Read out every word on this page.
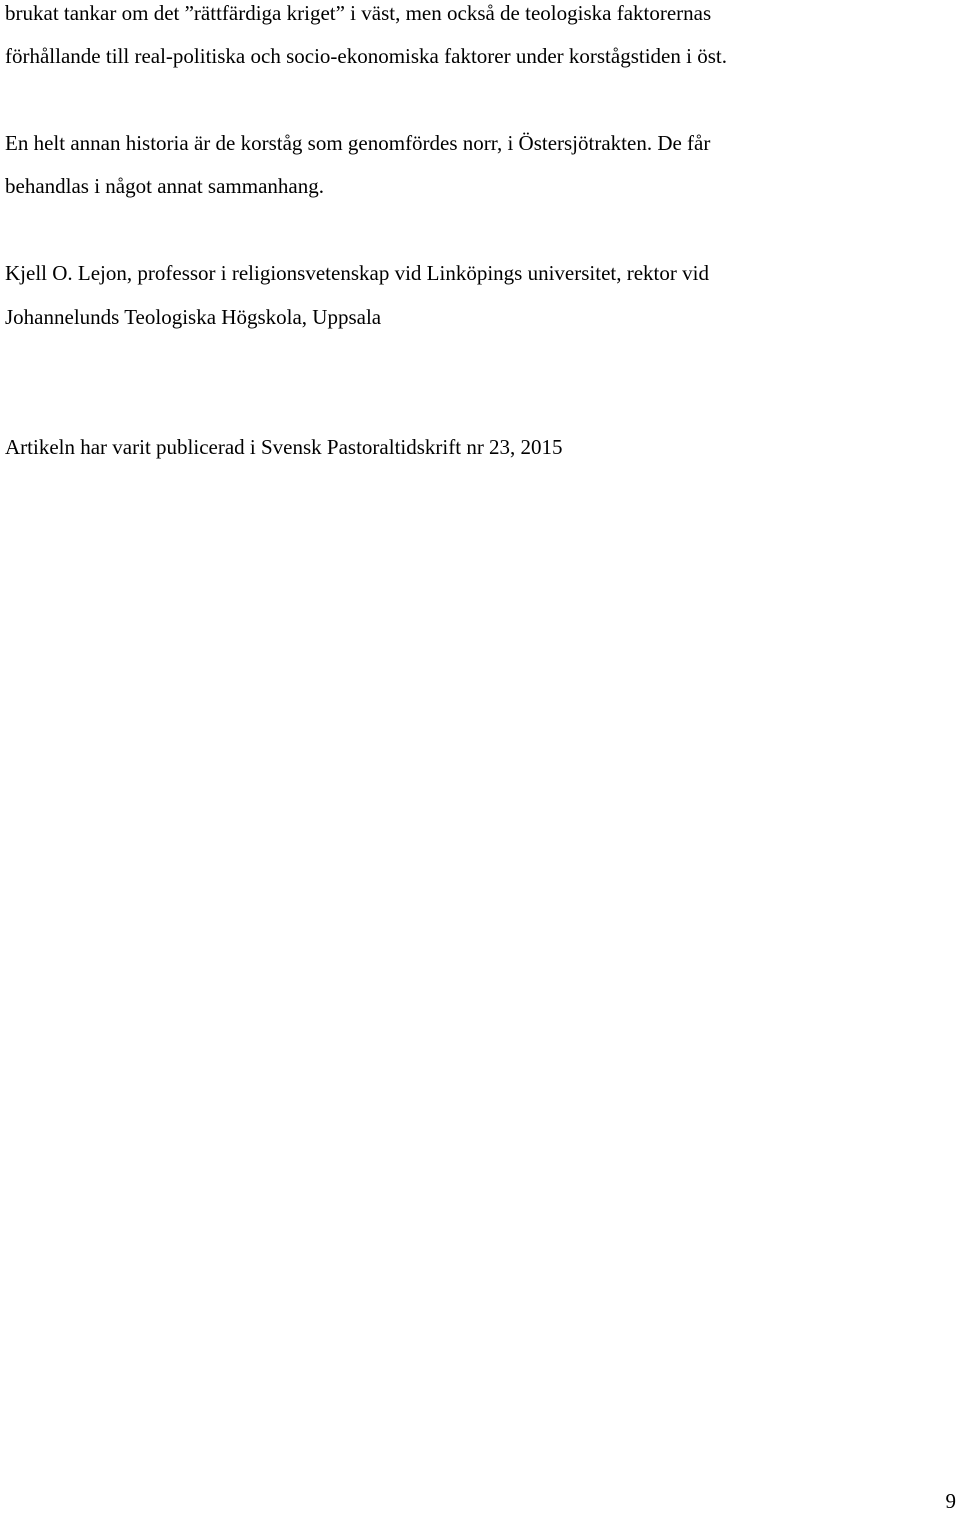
brukat tankar om det ”rättfärdiga kriget” i väst, men också de teologiska faktorernas
förhållande till real-politiska och socio-ekonomiska faktorer under korstågstiden i öst.
En helt annan historia är de korståg som genomfördes norr, i Östersjötrakten. De får
behandlas i något annat sammanhang.
Kjell O. Lejon, professor i religionsvetenskap vid Linköpings universitet, rektor vid
Johannelunds Teologiska Högskola, Uppsala
Artikeln har varit publicerad i Svensk Pastoraltidskrift nr 23, 2015
9
